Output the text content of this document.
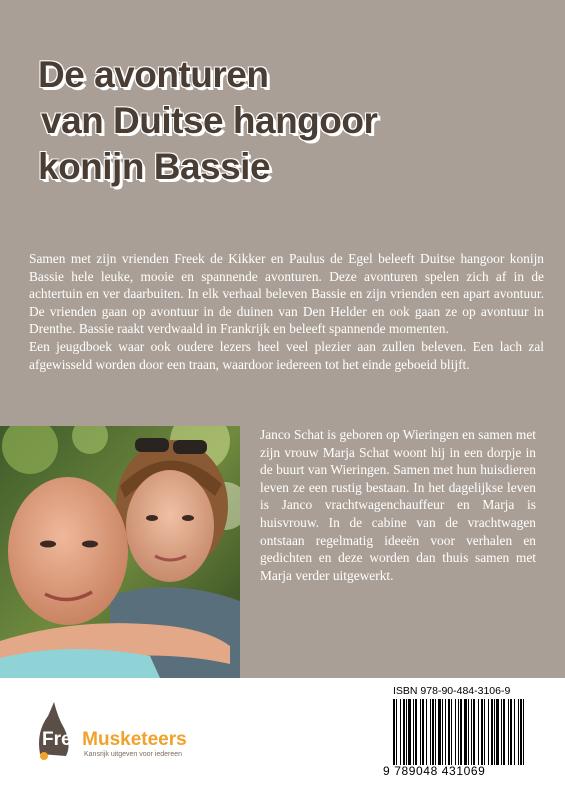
De avonturen
van Duitse hangoor
konijn Bassie

Samen met zijn vrienden Freek de Kikker en Paulus de Egel beleeft Duitse hangoor konijn Bassie hele leuke, mooie en spannende avonturen. Deze avonturen spelen zich af in de achtertuin en ver daarbuiten. In elk verhaal beleven Bassie en zijn vrienden een apart avontuur. De vrienden gaan op avontuur in de duinen van Den Helder en ook gaan ze op avontuur in Drenthe. Bassie raakt verdwaald in Frankrijk en beleeft spannende momenten.

Een jeugdboek waar ook oudere lezers heel veel plezier aan zullen beleven. Een lach zal afgewisseld worden door een traan, waardoor iedereen tot het einde geboeid blijft.

Janco Schat is geboren op Wieringen en samen met zijn vrouw Marja Schat woont hij in een dorpje in de buurt van Wieringen. Samen met hun huisdieren leven ze een rustig bestaan. In het dagelijkse leven is Janco vrachtwagenchauffeur en Marja is huisvrouw. In de cabine van de vrachtwagen ontstaan regelmatig ideeën voor verhalen en gedichten en deze worden dan thuis samen met Marja verder uitgewerkt.

FreeMusketeers
Kansrijk uitgeven voor iedereen
ISBN 978-90-484-3106-9
9 789048 431069
